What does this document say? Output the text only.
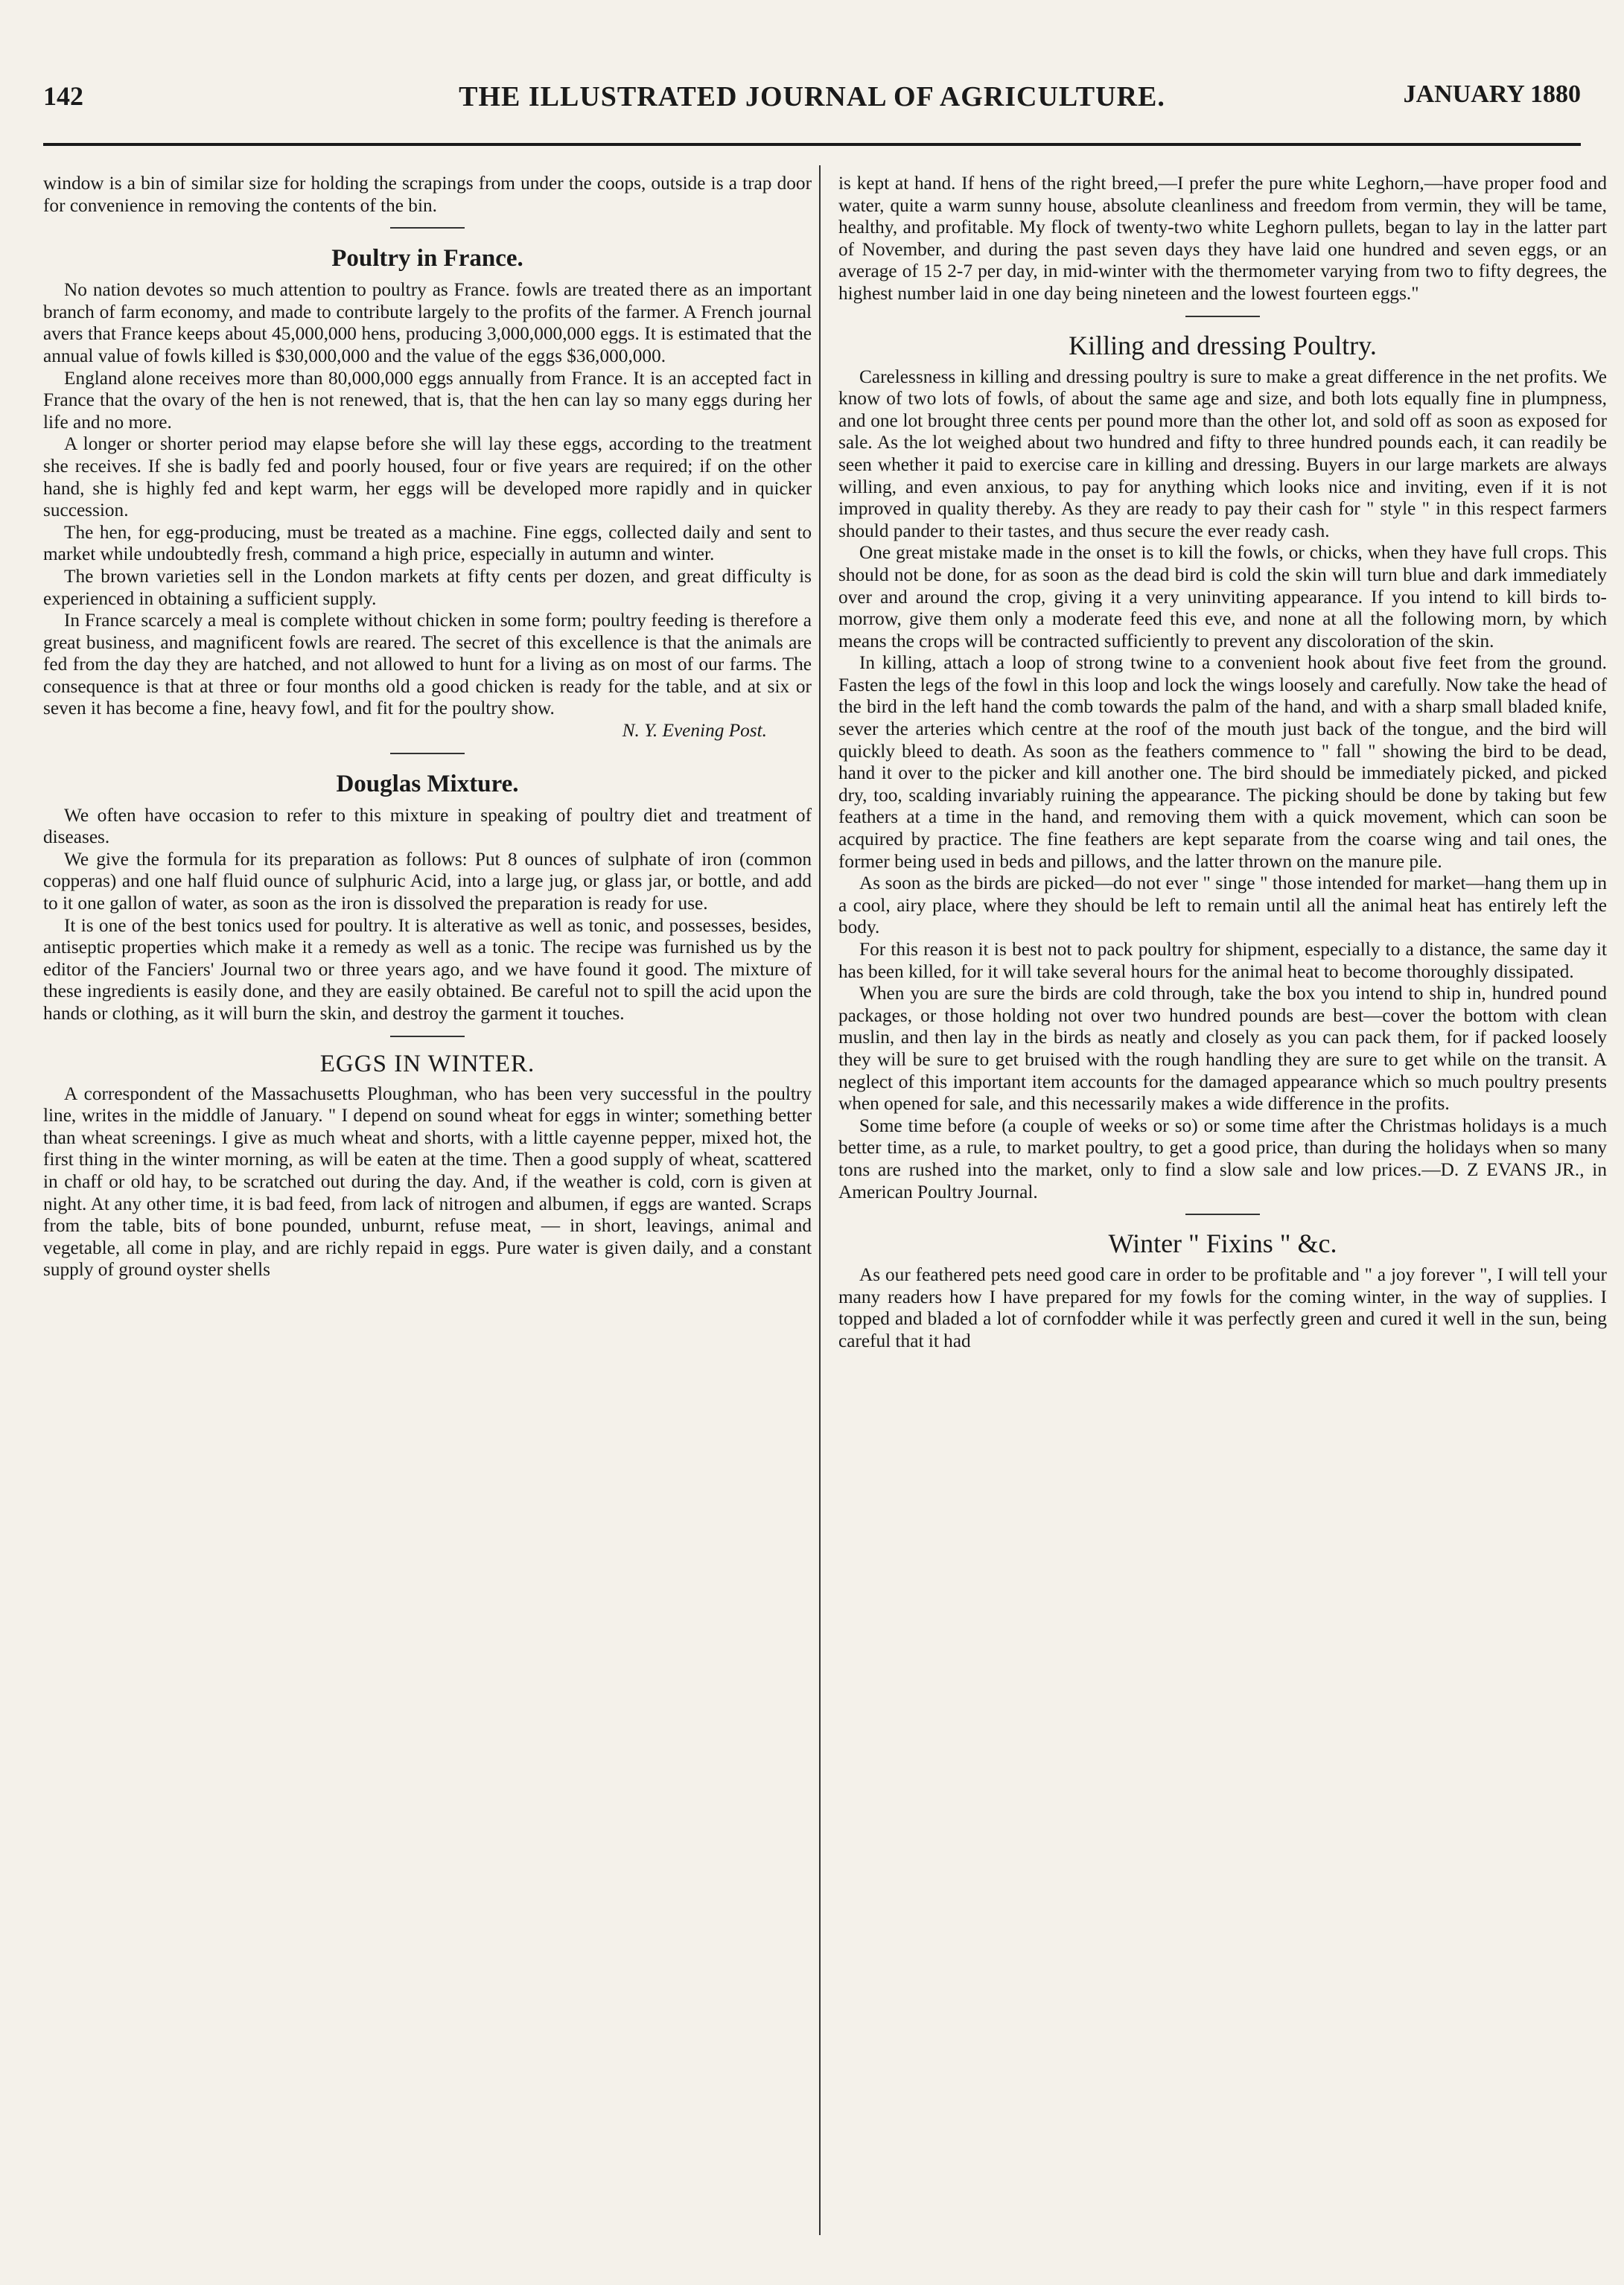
142	THE ILLUSTRATED JOURNAL OF AGRICULTURE.	JANUARY 1880

window is a bin of similar size for holding the scrapings from under the coops, outside is a trap door for convenience in removing the contents of the bin.

Poultry in France.

No nation devotes so much attention to poultry as France. fowls are treated there as an important branch of farm economy, and made to contribute largely to the profits of the farmer. A French journal avers that France keeps about 45,000,000 hens, producing 3,000,000,000 eggs. It is estimated that the annual value of fowls killed is $30,000,000 and the value of the eggs $36,000,000.

England alone receives more than 80,000,000 eggs annually from France. It is an accepted fact in France that the ovary of the hen is not renewed, that is, that the hen can lay so many eggs during her life and no more.

A longer or shorter period may elapse before she will lay these eggs, according to the treatment she receives. If she is badly fed and poorly housed, four or five years are required; if on the other hand, she is highly fed and kept warm, her eggs will be developed more rapidly and in quicker succession.

The hen, for egg-producing, must be treated as a machine. Fine eggs, collected daily and sent to market while undoubtedly fresh, command a high price, especially in autumn and winter.

The brown varieties sell in the London markets at fifty cents per dozen, and great difficulty is experienced in obtaining a sufficient supply.

In France scarcely a meal is complete without chicken in some form; poultry feeding is therefore a great business, and magnificent fowls are reared. The secret of this excellence is that the animals are fed from the day they are hatched, and not allowed to hunt for a living as on most of our farms. The consequence is that at three or four months old a good chicken is ready for the table, and at six or seven it has become a fine, heavy fowl, and fit for the poultry show.

N. Y. Evening Post.
Douglas Mixture.

We often have occasion to refer to this mixture in speaking of poultry diet and treatment of diseases.

We give the formula for its preparation as follows: Put 8 ounces of sulphate of iron (common copperas) and one half fluid ounce of sulphuric Acid, into a large jug, or glass jar, or bottle, and add to it one gallon of water, as soon as the iron is dissolved the preparation is ready for use.

It is one of the best tonics used for poultry. It is alterative as well as tonic, and possesses, besides, antiseptic properties which make it a remedy as well as a tonic. The recipe was furnished us by the editor of the Fanciers' Journal two or three years ago, and we have found it good. The mixture of these ingredients is easily done, and they are easily obtained. Be careful not to spill the acid upon the hands or clothing, as it will burn the skin, and destroy the garment it touches.

EGGS IN WINTER.

A correspondent of the Massachusetts Ploughman, who has been very successful in the poultry line, writes in the middle of January. " I depend on sound wheat for eggs in winter; something better than wheat screenings. I give as much wheat and shorts, with a little cayenne pepper, mixed hot, the first thing in the winter morning, as will be eaten at the time. Then a good supply of wheat, scattered in chaff or old hay, to be scratched out during the day. And, if the weather is cold, corn is given at night. At any other time, it is bad feed, from lack of nitrogen and albumen, if eggs are wanted. Scraps from the table, bits of bone pounded, unburnt, refuse meat, — in short, leavings, animal and vegetable, all come in play, and are richly repaid in eggs. Pure water is given daily, and a constant supply of ground oyster shells

is kept at hand. If hens of the right breed,—I prefer the pure white Leghorn,—have proper food and water, quite a warm sunny house, absolute cleanliness and freedom from vermin, they will be tame, healthy, and profitable. My flock of twenty-two white Leghorn pullets, began to lay in the latter part of November, and during the past seven days they have laid one hundred and seven eggs, or an average of 15 2-7 per day, in mid-winter with the thermometer varying from two to fifty degrees, the highest number laid in one day being nineteen and the lowest fourteen eggs."

Killing and dressing Poultry.

Carelessness in killing and dressing poultry is sure to make a great difference in the net profits. We know of two lots of fowls, of about the same age and size, and both lots equally fine in plumpness, and one lot brought three cents per pound more than the other lot, and sold off as soon as exposed for sale. As the lot weighed about two hundred and fifty to three hundred pounds each, it can readily be seen whether it paid to exercise care in killing and dressing. Buyers in our large markets are always willing, and even anxious, to pay for anything which looks nice and inviting, even if it is not improved in quality thereby. As they are ready to pay their cash for " style " in this respect farmers should pander to their tastes, and thus secure the ever ready cash.

One great mistake made in the onset is to kill the fowls, or chicks, when they have full crops. This should not be done, for as soon as the dead bird is cold the skin will turn blue and dark immediately over and around the crop, giving it a very uninviting appearance. If you intend to kill birds to-morrow, give them only a moderate feed this eve, and none at all the following morn, by which means the crops will be contracted sufficiently to prevent any discoloration of the skin.

In killing, attach a loop of strong twine to a convenient hook about five feet from the ground. Fasten the legs of the fowl in this loop and lock the wings loosely and carefully. Now take the head of the bird in the left hand the comb towards the palm of the hand, and with a sharp small bladed knife, sever the arteries which centre at the roof of the mouth just back of the tongue, and the bird will quickly bleed to death. As soon as the feathers commence to " fall " showing the bird to be dead, hand it over to the picker and kill another one. The bird should be immediately picked, and picked dry, too, scalding invariably ruining the appearance. The picking should be done by taking but few feathers at a time in the hand, and removing them with a quick movement, which can soon be acquired by practice. The fine feathers are kept separate from the coarse wing and tail ones, the former being used in beds and pillows, and the latter thrown on the manure pile.

As soon as the birds are picked—do not ever " singe " those intended for market—hang them up in a cool, airy place, where they should be left to remain until all the animal heat has entirely left the body.

For this reason it is best not to pack poultry for shipment, especially to a distance, the same day it has been killed, for it will take several hours for the animal heat to become thoroughly dissipated.

When you are sure the birds are cold through, take the box you intend to ship in, hundred pound packages, or those holding not over two hundred pounds are best—cover the bottom with clean muslin, and then lay in the birds as neatly and closely as you can pack them, for if packed loosely they will be sure to get bruised with the rough handling they are sure to get while on the transit. A neglect of this important item accounts for the damaged appearance which so much poultry presents when opened for sale, and this necessarily makes a wide difference in the profits.

Some time before (a couple of weeks or so) or some time after the Christmas holidays is a much better time, as a rule, to market poultry, to get a good price, than during the holidays when so many tons are rushed into the market, only to find a slow sale and low prices.—D. Z EVANS JR., in American Poultry Journal.

Winter " Fixins " &c.

As our feathered pets need good care in order to be profitable and " a joy forever ", I will tell your many readers how I have prepared for my fowls for the coming winter, in the way of supplies. I topped and bladed a lot of cornfodder while it was perfectly green and cured it well in the sun, being careful that it had
